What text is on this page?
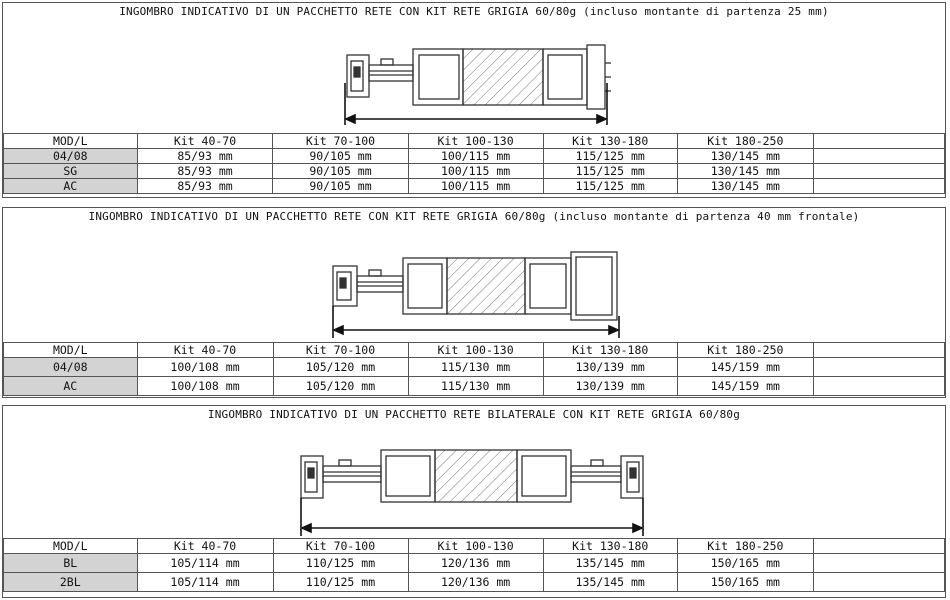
INGOMBRO INDICATIVO DI UN PACCHETTO RETE CON KIT RETE GRIGIA 60/80g (incluso montante di partenza 25 mm)
MOD/L	Kit 40-70	Kit 70-100	Kit 100-130	Kit 130-180	Kit 180-250	
04/08	85/93 mm	90/105 mm	100/115 mm	115/125 mm	130/145 mm	
SG	85/93 mm	90/105 mm	100/115 mm	115/125 mm	130/145 mm	
AC	85/93 mm	90/105 mm	100/115 mm	115/125 mm	130/145 mm	
INGOMBRO INDICATIVO DI UN PACCHETTO RETE CON KIT RETE GRIGIA 60/80g (incluso montante di partenza 40 mm frontale)
MOD/L	Kit 40-70	Kit 70-100	Kit 100-130	Kit 130-180	Kit 180-250	
04/08	100/108 mm	105/120 mm	115/130 mm	130/139 mm	145/159 mm	
AC	100/108 mm	105/120 mm	115/130 mm	130/139 mm	145/159 mm	
INGOMBRO INDICATIVO DI UN PACCHETTO RETE BILATERALE CON KIT RETE GRIGIA 60/80g
MOD/L	Kit 40-70	Kit 70-100	Kit 100-130	Kit 130-180	Kit 180-250	
BL	105/114 mm	110/125 mm	120/136 mm	135/145 mm	150/165 mm	
2BL	105/114 mm	110/125 mm	120/136 mm	135/145 mm	150/165 mm	
